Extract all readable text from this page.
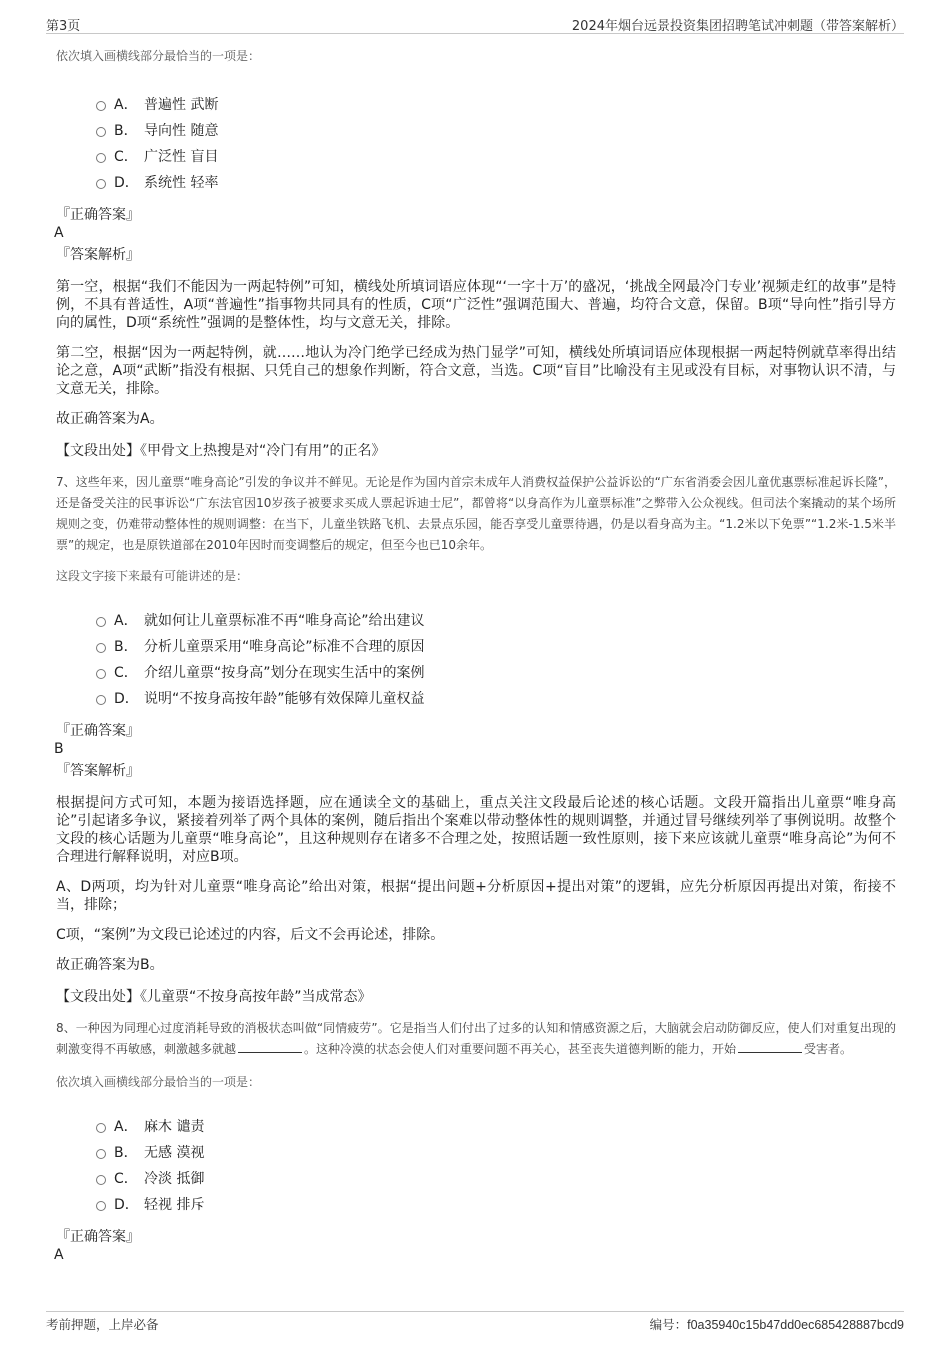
第3页	2024年烟台远景投资集团招聘笔试冲刺题（带答案解析）

依次填入画横线部分最恰当的一项是：

A． 普遍性 武断
B． 导向性 随意
C． 广泛性 盲目
D． 系统性 轻率

『正确答案』

A

『答案解析』

第一空，根据“我们不能因为一两起特例”可知，横线处所填词语应体现“‘一字十万’的盛况，‘挑战全网最冷门专业’视频走红的故事”是特例，不具有普适性，A项“普遍性”指事物共同具有的性质，C项“广泛性”强调范围大、普遍，均符合文意，保留。B项“导向性”指引导方向的属性，D项“系统性”强调的是整体性，均与文意无关，排除。

第二空，根据“因为一两起特例，就……地认为冷门绝学已经成为热门显学”可知，横线处所填词语应体现根据一两起特例就草率得出结论之意，A项“武断”指没有根据、只凭自己的想象作判断，符合文意，当选。C项“盲目”比喻没有主见或没有目标，对事物认识不清，与文意无关，排除。

故正确答案为A。

【文段出处】《甲骨文上热搜是对“冷门有用”的正名》

7、这些年来，因儿童票“唯身高论”引发的争议并不鲜见。无论是作为国内首宗未成年人消费权益保护公益诉讼的“广东省消委会因儿童优惠票标准起诉长隆”，还是备受关注的民事诉讼“广东法官因10岁孩子被要求买成人票起诉迪士尼”，都曾将“以身高作为儿童票标准”之弊带入公众视线。但司法个案撬动的某个场所规则之变，仍难带动整体性的规则调整：在当下，儿童坐铁路飞机、去景点乐园，能否享受儿童票待遇，仍是以看身高为主。“1.2米以下免票”“1.2米-1.5米半票”的规定，也是原铁道部在2010年因时而变调整后的规定，但至今也已10余年。

这段文字接下来最有可能讲述的是：

A． 就如何让儿童票标准不再“唯身高论”给出建议
B． 分析儿童票采用“唯身高论”标准不合理的原因
C． 介绍儿童票“按身高”划分在现实生活中的案例
D． 说明“不按身高按年龄”能够有效保障儿童权益

『正确答案』

B

『答案解析』

根据提问方式可知，本题为接语选择题，应在通读全文的基础上，重点关注文段最后论述的核心话题。文段开篇指出儿童票“唯身高论”引起诸多争议，紧接着列举了两个具体的案例，随后指出个案难以带动整体性的规则调整，并通过冒号继续列举了事例说明。故整个文段的核心话题为儿童票“唯身高论”，且这种规则存在诸多不合理之处，按照话题一致性原则，接下来应该就儿童票“唯身高论”为何不合理进行解释说明，对应B项。

A、D两项，均为针对儿童票“唯身高论”给出对策，根据“提出问题+分析原因+提出对策”的逻辑，应先分析原因再提出对策，衔接不当，排除；

C项，“案例”为文段已论述过的内容，后文不会再论述，排除。

故正确答案为B。

【文段出处】《儿童票“不按身高按年龄”当成常态》

8、一种因为同理心过度消耗导致的消极状态叫做“同情疲劳”。它是指当人们付出了过多的认知和情感资源之后，大脑就会启动防御反应，使人们对重复出现的刺激变得不再敏感，刺激越多就越	。这种冷漠的状态会使人们对重要问题不再关心，甚至丧失道德判断的能力，开始	受害者。

依次填入画横线部分最恰当的一项是：

A． 麻木 谴责
B． 无感 漠视
C． 冷淡 抵御
D． 轻视 排斥

『正确答案』

A
考前押题，上岸必备	编号：f0a35940c15b47dd0ec685428887bcd9
